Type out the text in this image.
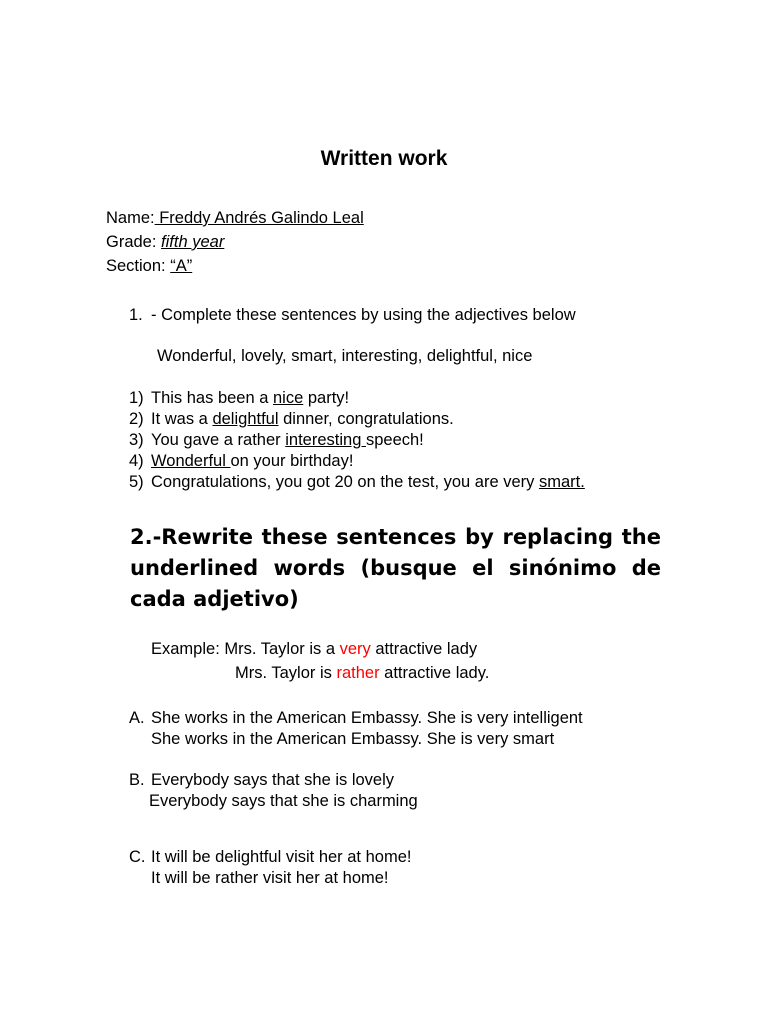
Written work
Name: Freddy Andrés Galindo Leal
Grade: fifth year
Section: “A”
1. - Complete these sentences by using the adjectives below
Wonderful, lovely, smart, interesting, delightful, nice
1) This has been a nice party!
2) It was a delightful dinner, congratulations.
3) You gave a rather interesting speech!
4) Wonderful on your birthday!
5) Congratulations, you got 20 on the test, you are very smart.
2.-Rewrite these sentences by replacing the underlined words (busque el sinónimo de cada adjetivo)
Example: Mrs. Taylor is a very attractive lady
Mrs. Taylor is rather attractive lady.
A. She works in the American Embassy. She is very intelligent
She works in the American Embassy. She is very smart
B. Everybody says that she is lovely
Everybody says that she is charming
C. It will be delightful visit her at home!
It will be rather visit her at home!
